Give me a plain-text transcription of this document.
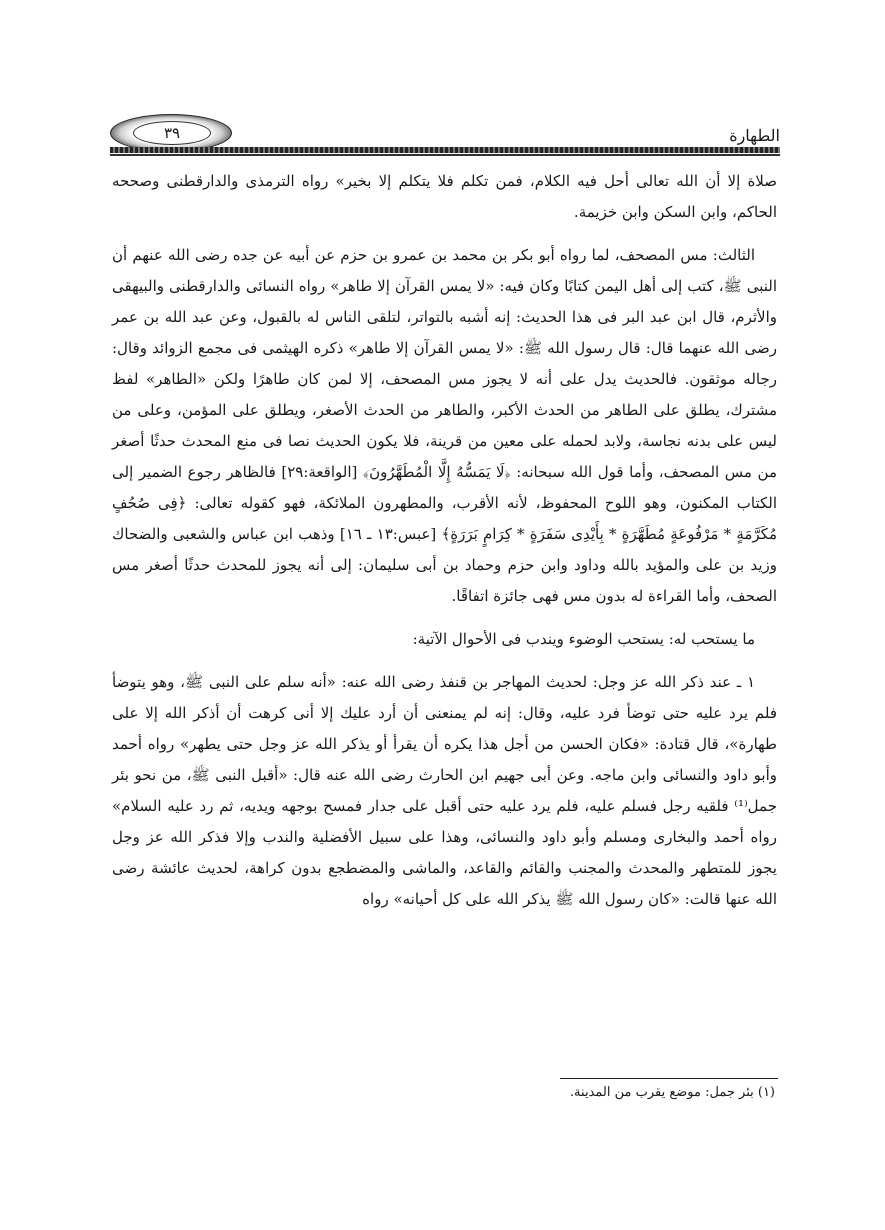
٣٩	الطهارة

صلاة إلا أن الله تعالى أحل فيه الكلام، فمن تكلم فلا يتكلم إلا بخير» رواه الترمذى والدارقطنى وصححه الحاكم، وابن السكن وابن خزيمة.

الثالث: مس المصحف، لما رواه أبو بكر بن محمد بن عمرو بن حزم عن أبيه عن جده رضى الله عنهم أن النبى ﷺ، كتب إلى أهل اليمن كتابًا وكان فيه: «لا يمس القرآن إلا طاهر» رواه النسائى والدارقطنى والبيهقى والأثرم، قال ابن عبد البر فى هذا الحديث: إنه أشبه بالتواتر، لتلقى الناس له بالقبول، وعن عبد الله بن عمر رضى الله عنهما قال: قال رسول الله ﷺ: «لا يمس القرآن إلا طاهر» ذكره الهيثمى فى مجمع الزوائد وقال: رجاله موثقون. فالحديث يدل على أنه لا يجوز مس المصحف، إلا لمن كان طاهرًا ولكن «الطاهر» لفظ مشترك، يطلق على الطاهر من الحدث الأكبر، والطاهر من الحدث الأصغر، ويطلق على المؤمن، وعلى من ليس على بدنه نجاسة، ولابد لحمله على معين من قرينة، فلا يكون الحديث نصا فى منع المحدث حدثًا أصغر من مس المصحف، وأما قول الله سبحانه: ﴿لَا يَمَسُّهُ إِلَّا الْمُطَهَّرُونَ﴾ [الواقعة:٢٩] فالظاهر رجوع الضمير إلى الكتاب المكنون، وهو اللوح المحفوظ، لأنه الأقرب، والمطهرون الملائكة، فهو كقوله تعالى: ﴿فِى صُحُفٍ مُكَرَّمَةٍ * مَرْفُوعَةٍ مُطَهَّرَةٍ * بِأَيْدِى سَفَرَةٍ * كِرَامٍ بَرَرَةٍ﴾ [عبس:١٣ ـ ١٦] وذهب ابن عباس والشعبى والضحاك وزيد بن على والمؤيد بالله وداود وابن حزم وحماد بن أبى سليمان: إلى أنه يجوز للمحدث حدثًا أصغر مس الصحف، وأما القراءة له بدون مس فهى جائزة اتفاقًا.

ما يستحب له: يستحب الوضوء ويندب فى الأحوال الآتية:

١ ـ عند ذكر الله عز وجل: لحديث المهاجر بن قنفذ رضى الله عنه: «أنه سلم على النبى ﷺ، وهو يتوضأ فلم يرد عليه حتى توضأ فرد عليه، وقال: إنه لم يمنعنى أن أرد عليك إلا أنى كرهت أن أذكر الله إلا على طهارة»، قال قتادة: «فكان الحسن من أجل هذا يكره أن يقرأ أو يذكر الله عز وجل حتى يطهر» رواه أحمد وأبو داود والنسائى وابن ماجه. وعن أبى جهيم ابن الحارث رضى الله عنه قال: «أقبل النبى ﷺ، من نحو بئر جمل⁽¹⁾ فلقيه رجل فسلم عليه، فلم يرد عليه حتى أقبل على جدار فمسح بوجهه ويديه، ثم رد عليه السلام» رواه أحمد والبخارى ومسلم وأبو داود والنسائى، وهذا على سبيل الأفضلية والندب وإلا فذكر الله عز وجل يجوز للمتطهر والمحدث والمجنب والقائم والقاعد، والماشى والمضطجع بدون كراهة، لحديث عائشة رضى الله عنها قالت: «كان رسول الله ﷺ يذكر الله على كل أحيانه» رواه

(١) بئر جمل: موضع يقرب من المدينة.
